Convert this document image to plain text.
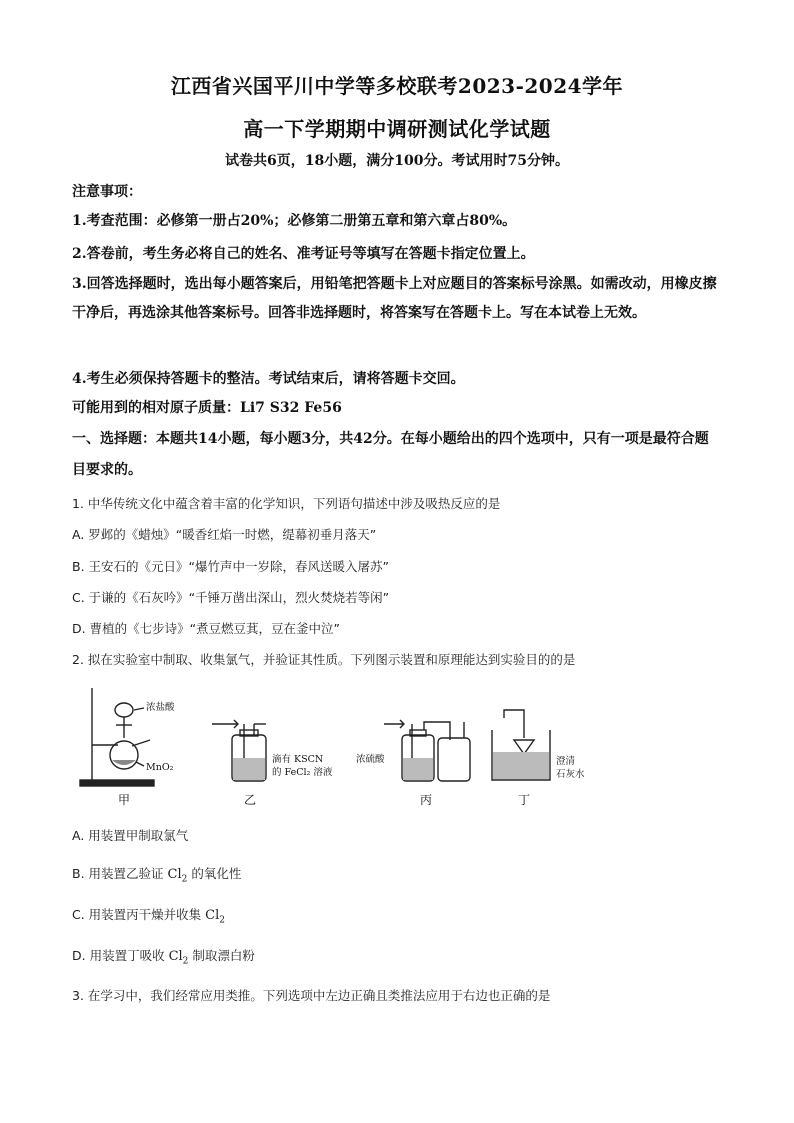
江西省兴国平川中学等多校联考2023-2024学年
高一下学期期中调研测试化学试题
试卷共6页，18小题，满分100分。考试用时75分钟。
注意事项：
1.考查范围：必修第一册占20%；必修第二册第五章和第六章占80%。
2.答卷前，考生务必将自己的姓名、准考证号等填写在答题卡指定位置上。
3.回答选择题时，选出每小题答案后，用铅笔把答题卡上对应题目的答案标号涂黑。如需改动，用橡皮擦干净后，再选涂其他答案标号。回答非选择题时，将答案写在答题卡上。写在本试卷上无效。
4.考生必须保持答题卡的整洁。考试结束后，请将答题卡交回。
可能用到的相对原子质量：Li7 S32 Fe56
一、选择题：本题共14小题，每小题3分，共42分。在每小题给出的四个选项中，只有一项是最符合题目要求的。
1. 中华传统文化中蕴含着丰富的化学知识，下列语句描述中涉及吸热反应的是
A. 罗邺的《蜡烛》“暖香红焰一时燃，缇幕初垂月落天”
B. 王安石的《元日》“爆竹声中一岁除，春风送暖入屠苏”
C. 于谦的《石灰吟》“千锤万凿出深山，烈火焚烧若等闲”
D. 曹植的《七步诗》“煮豆燃豆萁，豆在釜中泣”
2. 拟在实验室中制取、收集氯气，并验证其性质。下列图示装置和原理能达到实验目的的是
浓盐酸
MnO₂
滴有 KSCN
的 FeCl₂ 溶液
浓硫酸	澄清
石灰水
甲	乙	丙	丁
A. 用装置甲制取氯气
B. 用装置乙验证 $Cl_2$ 的氧化性
C. 用装置丙干燥并收集 $Cl_2$
D. 用装置丁吸收 $Cl_2$ 制取漂白粉
3. 在学习中，我们经常应用类推。下列选项中左边正确且类推法应用于右边也正确的是
